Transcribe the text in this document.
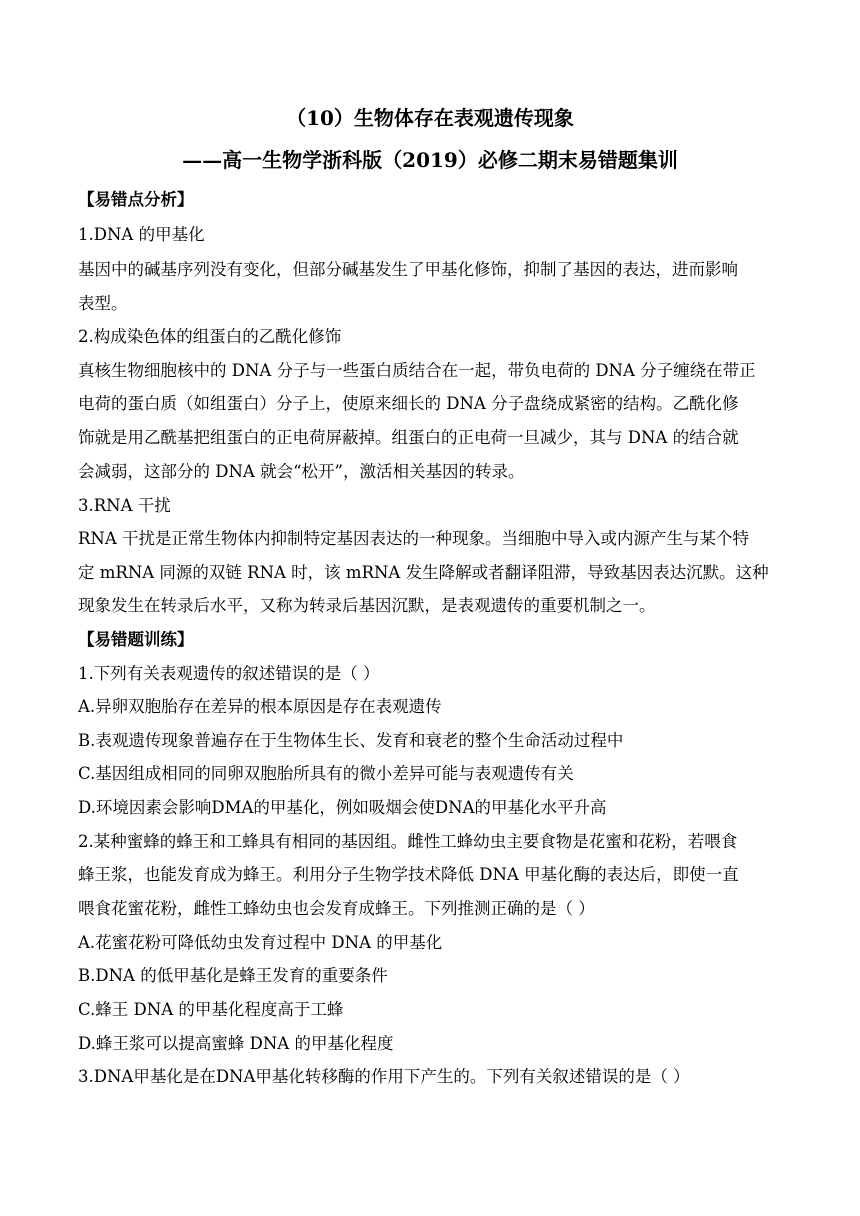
（10）生物体存在表观遗传现象
——高一生物学浙科版（2019）必修二期末易错题集训
【易错点分析】
1.DNA 的甲基化
基因中的碱基序列没有变化，但部分碱基发生了甲基化修饰，抑制了基因的表达，进而影响
表型。
2.构成染色体的组蛋白的乙酰化修饰
真核生物细胞核中的 DNA 分子与一些蛋白质结合在一起，带负电荷的 DNA 分子缠绕在带正
电荷的蛋白质（如组蛋白）分子上，使原来细长的 DNA 分子盘绕成紧密的结构。乙酰化修
饰就是用乙酰基把组蛋白的正电荷屏蔽掉。组蛋白的正电荷一旦减少，其与 DNA 的结合就
会减弱，这部分的 DNA 就会“松开”，激活相关基因的转录。
3.RNA 干扰
RNA 干扰是正常生物体内抑制特定基因表达的一种现象。当细胞中导入或内源产生与某个特
定 mRNA 同源的双链 RNA 时，该 mRNA 发生降解或者翻译阻滞，导致基因表达沉默。这种
现象发生在转录后水平，又称为转录后基因沉默，是表观遗传的重要机制之一。
【易错题训练】
1.下列有关表观遗传的叙述错误的是（ ）
A.异卵双胞胎存在差异的根本原因是存在表观遗传
B.表观遗传现象普遍存在于生物体生长、发育和衰老的整个生命活动过程中
C.基因组成相同的同卵双胞胎所具有的微小差异可能与表观遗传有关
D.环境因素会影响DMA的甲基化，例如吸烟会使DNA的甲基化水平升高
2.某种蜜蜂的蜂王和工蜂具有相同的基因组。雌性工蜂幼虫主要食物是花蜜和花粉，若喂食
蜂王浆，也能发育成为蜂王。利用分子生物学技术降低 DNA 甲基化酶的表达后，即使一直
喂食花蜜花粉，雌性工蜂幼虫也会发育成蜂王。下列推测正确的是（ ）
A.花蜜花粉可降低幼虫发育过程中 DNA 的甲基化
B.DNA 的低甲基化是蜂王发育的重要条件
C.蜂王 DNA 的甲基化程度高于工蜂
D.蜂王浆可以提高蜜蜂 DNA 的甲基化程度
3.DNA甲基化是在DNA甲基化转移酶的作用下产生的。下列有关叙述错误的是（ ）
